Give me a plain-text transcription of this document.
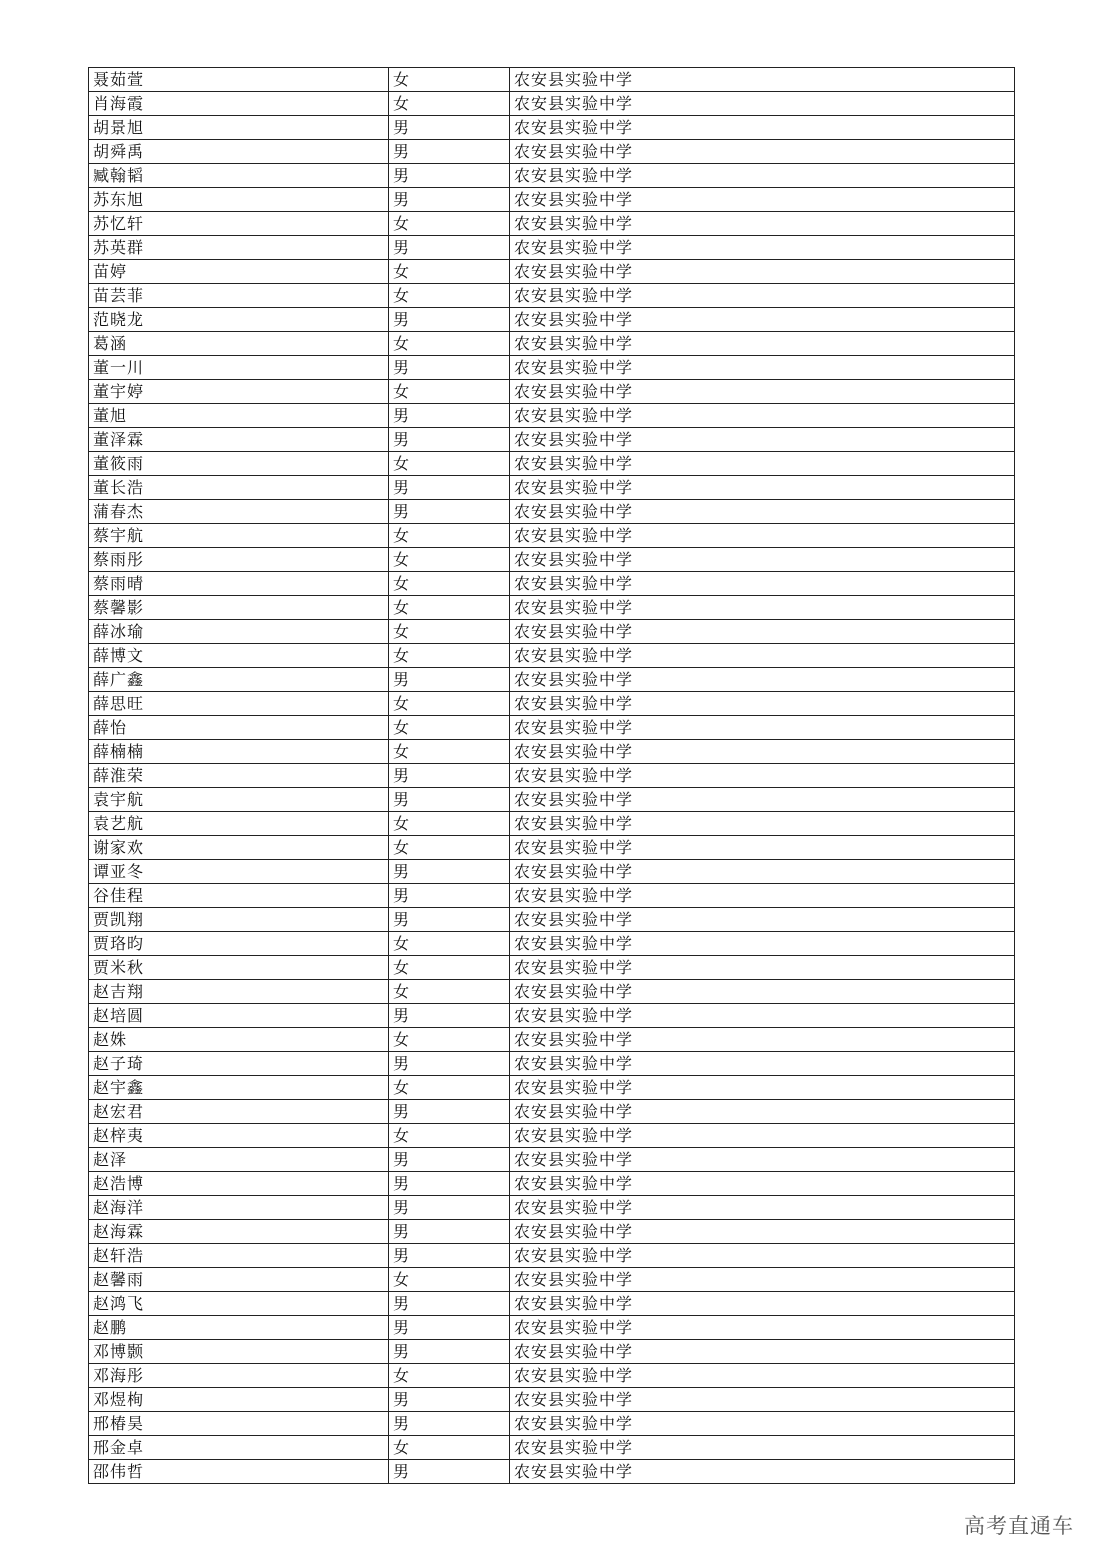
聂茹萱	女	农安县实验中学
肖海霞	女	农安县实验中学
胡景旭	男	农安县实验中学
胡舜禹	男	农安县实验中学
臧翰韬	男	农安县实验中学
苏东旭	男	农安县实验中学
苏忆轩	女	农安县实验中学
苏英群	男	农安县实验中学
苗婷	女	农安县实验中学
苗芸菲	女	农安县实验中学
范晓龙	男	农安县实验中学
葛涵	女	农安县实验中学
董一川	男	农安县实验中学
董宇婷	女	农安县实验中学
董旭	男	农安县实验中学
董泽霖	男	农安县实验中学
董筱雨	女	农安县实验中学
董长浩	男	农安县实验中学
蒲春杰	男	农安县实验中学
蔡宇航	女	农安县实验中学
蔡雨彤	女	农安县实验中学
蔡雨晴	女	农安县实验中学
蔡馨影	女	农安县实验中学
薛冰瑜	女	农安县实验中学
薛博文	女	农安县实验中学
薛广鑫	男	农安县实验中学
薛思旺	女	农安县实验中学
薛怡	女	农安县实验中学
薛楠楠	女	农安县实验中学
薛淮荣	男	农安县实验中学
袁宇航	男	农安县实验中学
袁艺航	女	农安县实验中学
谢家欢	女	农安县实验中学
谭亚冬	男	农安县实验中学
谷佳程	男	农安县实验中学
贾凯翔	男	农安县实验中学
贾珞昀	女	农安县实验中学
贾米秋	女	农安县实验中学
赵吉翔	女	农安县实验中学
赵培圆	男	农安县实验中学
赵姝	女	农安县实验中学
赵子琦	男	农安县实验中学
赵宇鑫	女	农安县实验中学
赵宏君	男	农安县实验中学
赵梓夷	女	农安县实验中学
赵泽	男	农安县实验中学
赵浩博	男	农安县实验中学
赵海洋	男	农安县实验中学
赵海霖	男	农安县实验中学
赵轩浩	男	农安县实验中学
赵馨雨	女	农安县实验中学
赵鸿飞	男	农安县实验中学
赵鹏	男	农安县实验中学
邓博颢	男	农安县实验中学
邓海彤	女	农安县实验中学
邓煜栒	男	农安县实验中学
邢椿昊	男	农安县实验中学
邢金卓	女	农安县实验中学
邵伟哲	男	农安县实验中学
高考直通车
